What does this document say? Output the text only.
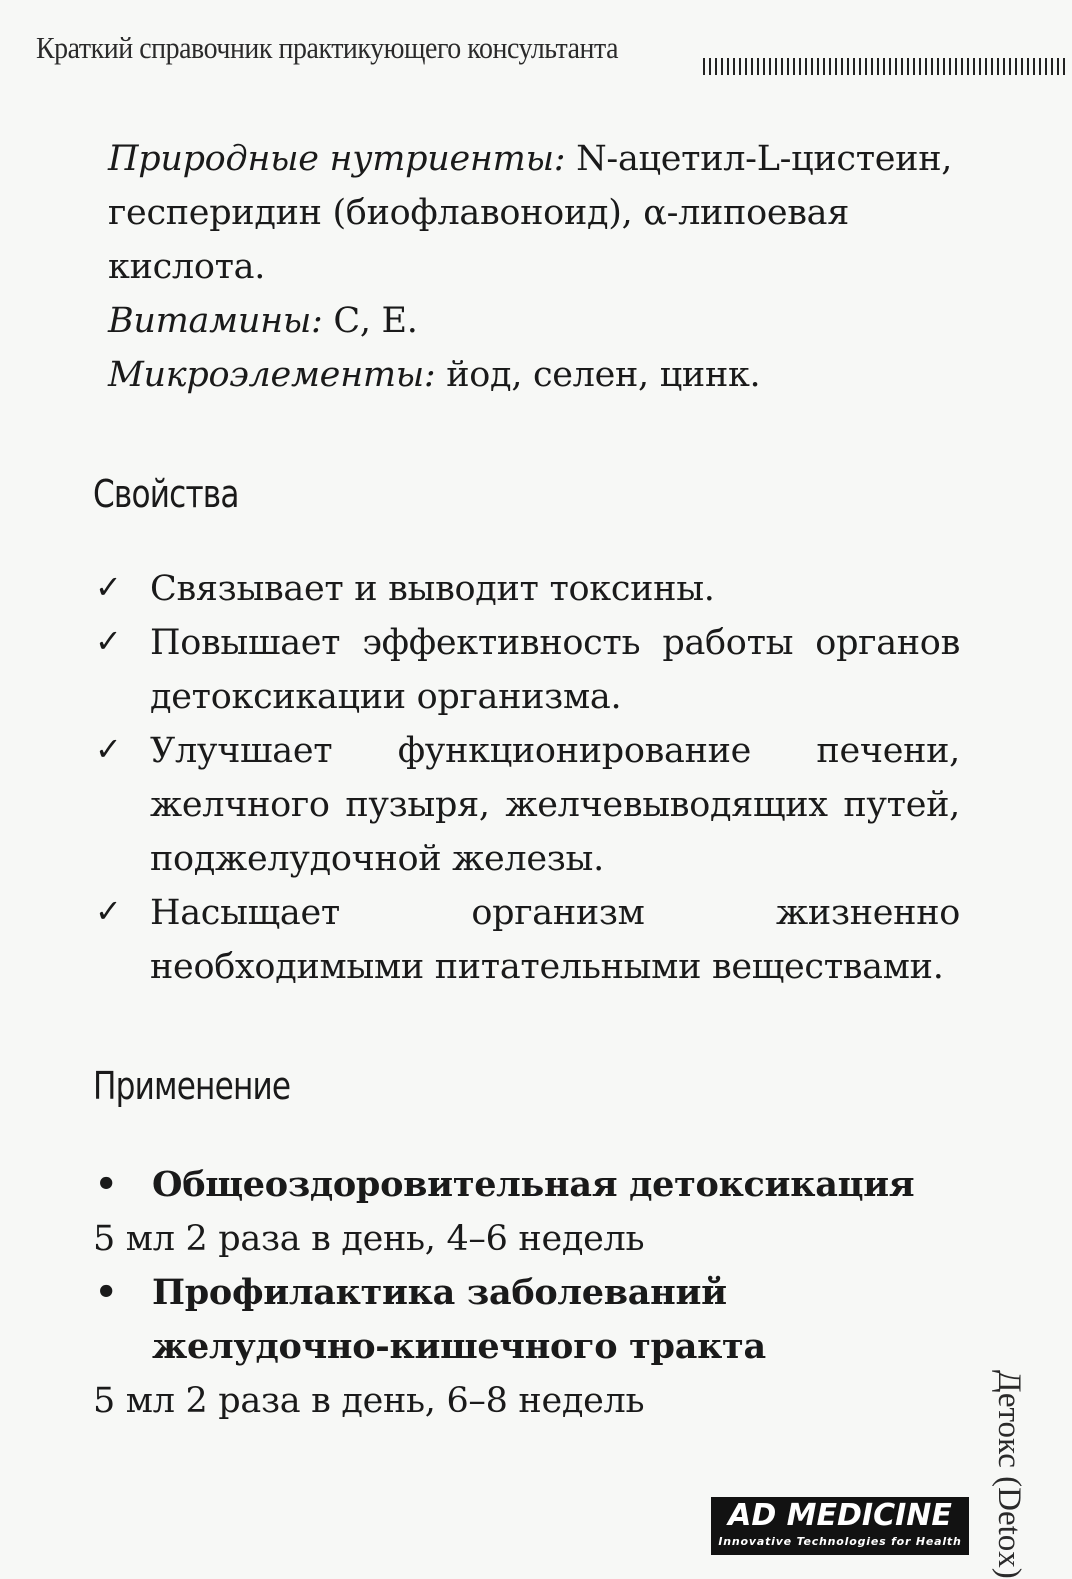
Краткий справочник практикующего консультанта
Природные нутриенты: N-ацетил-L-цистеин, гесперидин (биофлавоноид), α-липоевая кислота.
Витамины: С, Е.
Микроэлементы: йод, селен, цинк.
Свойства
✓ Связывает и выводит токсины.
✓ Повышает эффективность работы органов детоксикации организма.
✓ Улучшает функционирование печени, желчного пузыря, желчевыводящих путей, поджелудочной железы.
✓ Насыщает организм жизненно необходимыми питательными веществами.
Применение
• Общеоздоровительная детоксикация
5 мл 2 раза в день, 4–6 недель
• Профилактика заболеваний желудочно-кишечного тракта
5 мл 2 раза в день, 6–8 недель	Детокс (Detox)
AD MEDICINE
Innovative Technologies for Health
